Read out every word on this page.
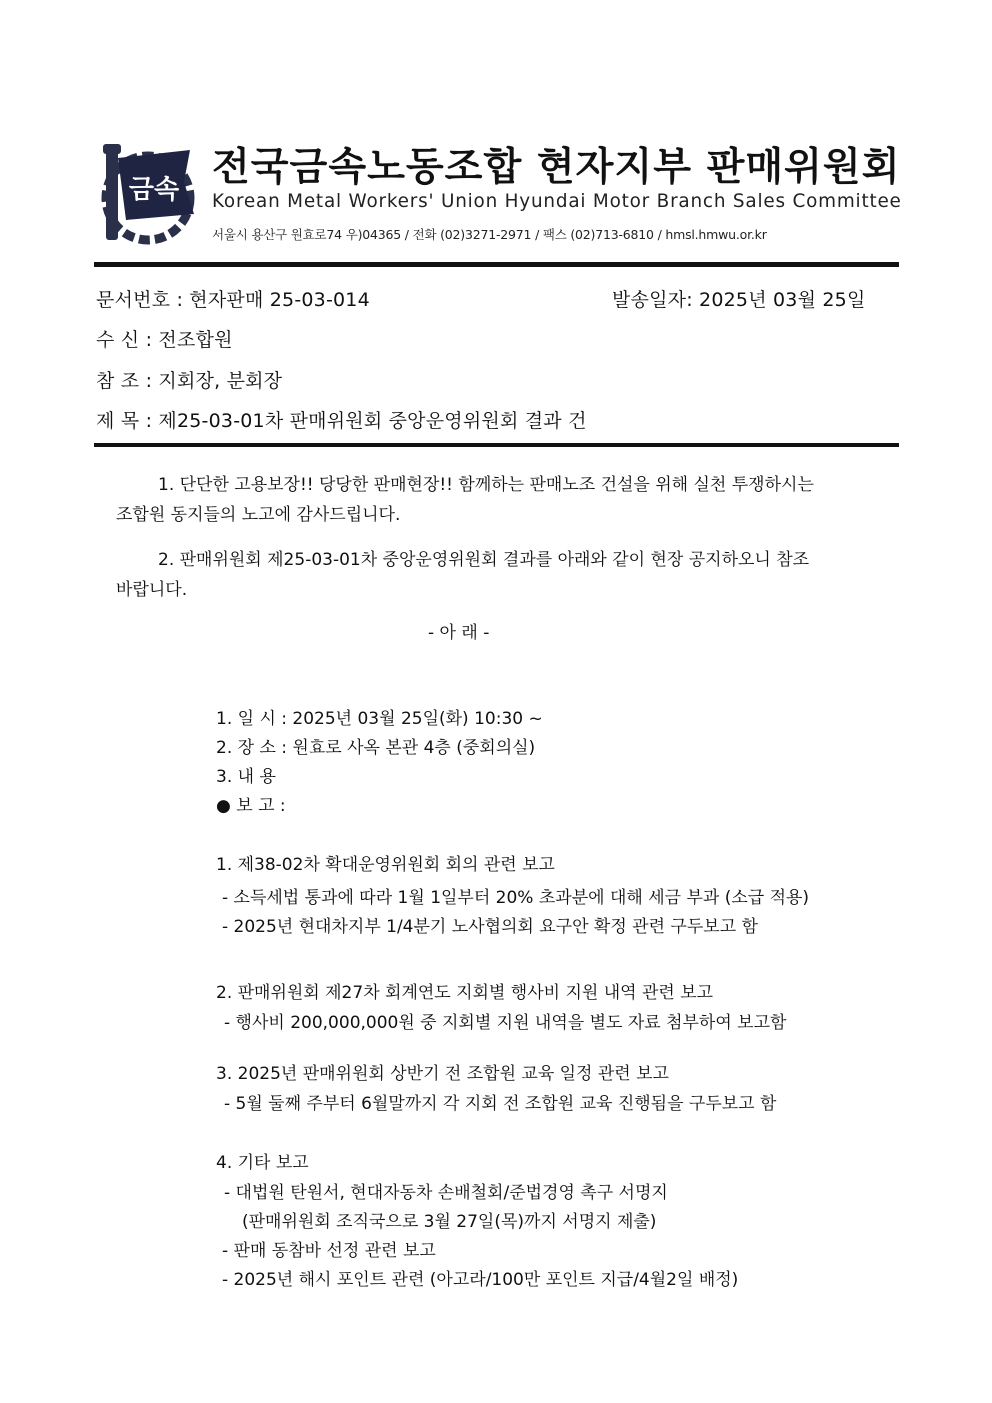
금속 전국금속노동조합 현자지부 판매위원회
Korean Metal Workers' Union Hyundai Motor Branch Sales Committee
서울시 용산구 원효로74 우)04365 / 전화 (02)3271-2971 / 팩스 (02)713-6810 / hmsl.hmwu.or.kr
문서번호 : 현자판매 25-03-014	발송일자: 2025년 03월 25일
수 신 : 전조합원
참 조 : 지회장, 분회장
제 목 : 제25-03-01차 판매위원회 중앙운영위원회 결과 건
1. 단단한 고용보장!! 당당한 판매현장!! 함께하는 판매노조 건설을 위해 실천 투쟁하시는
조합원 동지들의 노고에 감사드립니다.
2. 판매위원회 제25-03-01차 중앙운영위원회 결과를 아래와 같이 현장 공지하오니 참조
바랍니다.
- 아 래 -
1. 일 시 : 2025년 03월 25일(화) 10:30 ~
2. 장 소 : 원효로 사옥 본관 4층 (중회의실)
3. 내 용
● 보 고 :
1. 제38-02차 확대운영위원회 회의 관련 보고
- 소득세법 통과에 따라 1월 1일부터 20% 초과분에 대해 세금 부과 (소급 적용)
- 2025년 현대차지부 1/4분기 노사협의회 요구안 확정 관련 구두보고 함
2. 판매위원회 제27차 회계연도 지회별 행사비 지원 내역 관련 보고
- 행사비 200,000,000원 중 지회별 지원 내역을 별도 자료 첨부하여 보고함
3. 2025년 판매위원회 상반기 전 조합원 교육 일정 관련 보고
- 5월 둘째 주부터 6월말까지 각 지회 전 조합원 교육 진행됨을 구두보고 함
4. 기타 보고
- 대법원 탄원서, 현대자동차 손배철회/준법경영 촉구 서명지
(판매위원회 조직국으로 3월 27일(목)까지 서명지 제출)
- 판매 동참바 선정 관련 보고
- 2025년 해시 포인트 관련 (아고라/100만 포인트 지급/4월2일 배정)
